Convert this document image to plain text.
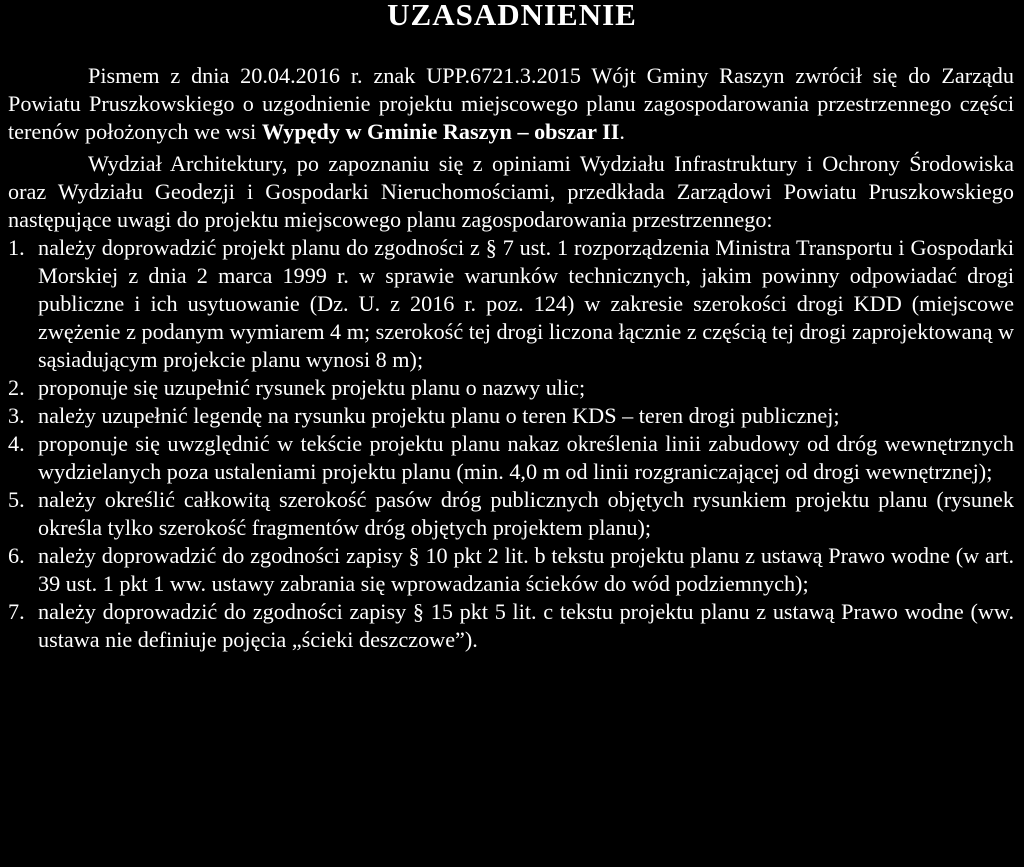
UZASADNIENIE

Pismem z dnia 20.04.2016 r. znak UPP.6721.3.2015 Wójt Gminy Raszyn zwrócił się do Zarządu Powiatu Pruszkowskiego o uzgodnienie projektu miejscowego planu zagospodarowania przestrzennego części terenów położonych we wsi Wypędy w Gminie Raszyn – obszar II.

Wydział Architektury, po zapoznaniu się z opiniami Wydziału Infrastruktury i Ochrony Środowiska oraz Wydziału Geodezji i Gospodarki Nieruchomościami, przedkłada Zarządowi Powiatu Pruszkowskiego następujące uwagi do projektu miejscowego planu zagospodarowania przestrzennego:

1. należy doprowadzić projekt planu do zgodności z § 7 ust. 1 rozporządzenia Ministra Transportu i Gospodarki Morskiej z dnia 2 marca 1999 r. w sprawie warunków technicznych, jakim powinny odpowiadać drogi publiczne i ich usytuowanie (Dz. U. z 2016 r. poz. 124) w zakresie szerokości drogi KDD (miejscowe zwężenie z podanym wymiarem 4 m; szerokość tej drogi liczona łącznie z częścią tej drogi zaprojektowaną w sąsiadującym projekcie planu wynosi 8 m);
2. proponuje się uzupełnić rysunek projektu planu o nazwy ulic;
3. należy uzupełnić legendę na rysunku projektu planu o teren KDS – teren drogi publicznej;
4. proponuje się uwzględnić w tekście projektu planu nakaz określenia linii zabudowy od dróg wewnętrznych wydzielanych poza ustaleniami projektu planu (min. 4,0 m od linii rozgraniczającej od drogi wewnętrznej);
5. należy określić całkowitą szerokość pasów dróg publicznych objętych rysunkiem projektu planu (rysunek określa tylko szerokość fragmentów dróg objętych projektem planu);
6. należy doprowadzić do zgodności zapisy § 10 pkt 2 lit. b tekstu projektu planu z ustawą Prawo wodne (w art. 39 ust. 1 pkt 1 ww. ustawy zabrania się wprowadzania ścieków do wód podziemnych);
7. należy doprowadzić do zgodności zapisy § 15 pkt 5 lit. c tekstu projektu planu z ustawą Prawo wodne (ww. ustawa nie definiuje pojęcia „ścieki deszczowe”).
